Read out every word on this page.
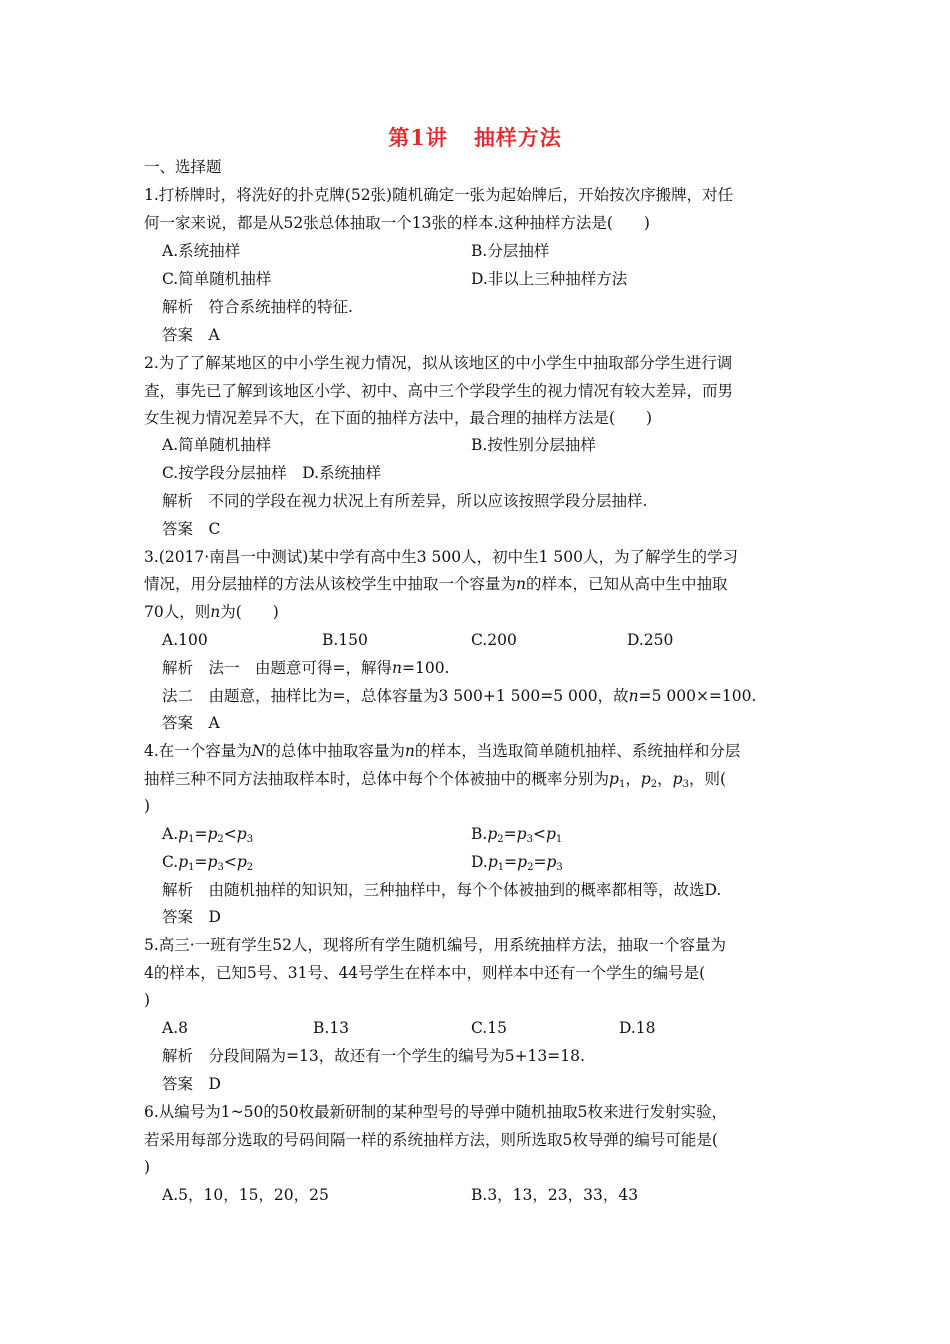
第1讲 抽样方法
一、选择题
1.打桥牌时，将洗好的扑克牌(52张)随机确定一张为起始牌后，开始按次序搬牌，对任
何一家来说，都是从52张总体抽取一个13张的样本.这种抽样方法是(　　)
A.系统抽样	B.分层抽样
C.简单随机抽样	D.非以上三种抽样方法
解析　符合系统抽样的特征.
答案　A
2.为了了解某地区的中小学生视力情况，拟从该地区的中小学生中抽取部分学生进行调
查，事先已了解到该地区小学、初中、高中三个学段学生的视力情况有较大差异，而男
女生视力情况差异不大，在下面的抽样方法中，最合理的抽样方法是(　　)
A.简单随机抽样	B.按性别分层抽样
C.按学段分层抽样　D.系统抽样
解析　不同的学段在视力状况上有所差异，所以应该按照学段分层抽样.
答案　C
3.(2017·南昌一中测试)某中学有高中生3 500人，初中生1 500人，为了解学生的学习
情况，用分层抽样的方法从该校学生中抽取一个容量为n的样本，已知从高中生中抽取
70人，则n为(　　)
A.100	B.150	C.200	D.250
解析　法一　由题意可得=，解得n=100.
法二　由题意，抽样比为=，总体容量为3 500+1 500=5 000，故n=5 000×=100.
答案　A
4.在一个容量为N的总体中抽取容量为n的样本，当选取简单随机抽样、系统抽样和分层
抽样三种不同方法抽取样本时，总体中每个个体被抽中的概率分别为$p_1$，$p_2$，$p_3$，则(
)
$A.p_1=p_2<p_3$	$B.p_2=p_3<p_1$
$C.p_1=p_3<p_2$	$D.p_1=p_2=p_3$
解析　由随机抽样的知识知，三种抽样中，每个个体被抽到的概率都相等，故选D.
答案　D
5.高三·一班有学生52人，现将所有学生随机编号，用系统抽样方法，抽取一个容量为
4的样本，已知5号、31号、44号学生在样本中，则样本中还有一个学生的编号是(
)
A.8	B.13	C.15	D.18
解析　分段间隔为=13，故还有一个学生的编号为5+13=18.
答案　D
6.从编号为1~50的50枚最新研制的某种型号的导弹中随机抽取5枚来进行发射实验，
若采用每部分选取的号码间隔一样的系统抽样方法，则所选取5枚导弹的编号可能是(
)
A.5，10，15，20，25	B.3，13，23，33，43
